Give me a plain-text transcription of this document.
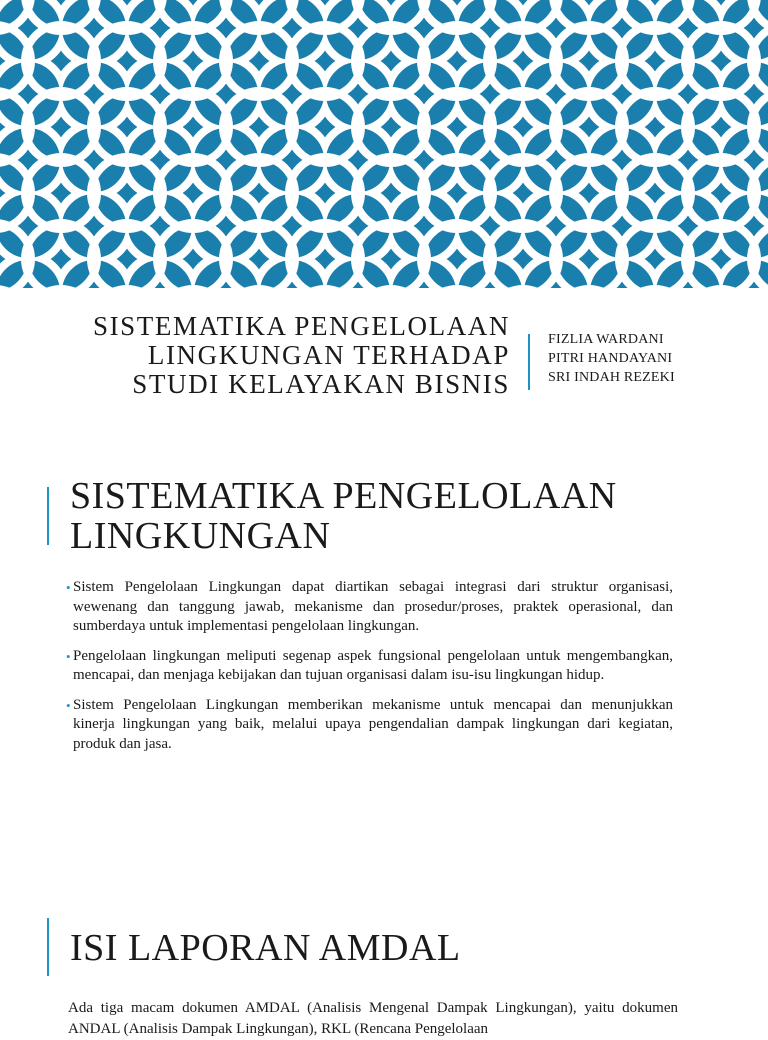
SISTEMATIKA PENGELOLAAN
LINGKUNGAN TERHADAP
STUDI KELAYAKAN BISNIS
FIZLIA WARDANI
PITRI HANDAYANI
SRI INDAH REZEKI
SISTEMATIKA PENGELOLAAN
LINGKUNGAN
• Sistem Pengelolaan Lingkungan dapat diartikan sebagai integrasi dari struktur organisasi, wewenang dan tanggung jawab, mekanisme dan prosedur/proses, praktek operasional, dan sumberdaya untuk implementasi pengelolaan lingkungan.
• Pengelolaan lingkungan meliputi segenap aspek fungsional pengelolaan untuk mengembangkan, mencapai, dan menjaga kebijakan dan tujuan organisasi dalam isu-isu lingkungan hidup.
• Sistem Pengelolaan Lingkungan memberikan mekanisme untuk mencapai dan menunjukkan kinerja lingkungan yang baik, melalui upaya pengendalian dampak lingkungan dari kegiatan, produk dan jasa.
ISI LAPORAN AMDAL

Ada tiga macam dokumen AMDAL (Analisis Mengenal Dampak Lingkungan), yaitu dokumen ANDAL (Analisis Dampak Lingkungan), RKL (Rencana Pengelolaan
